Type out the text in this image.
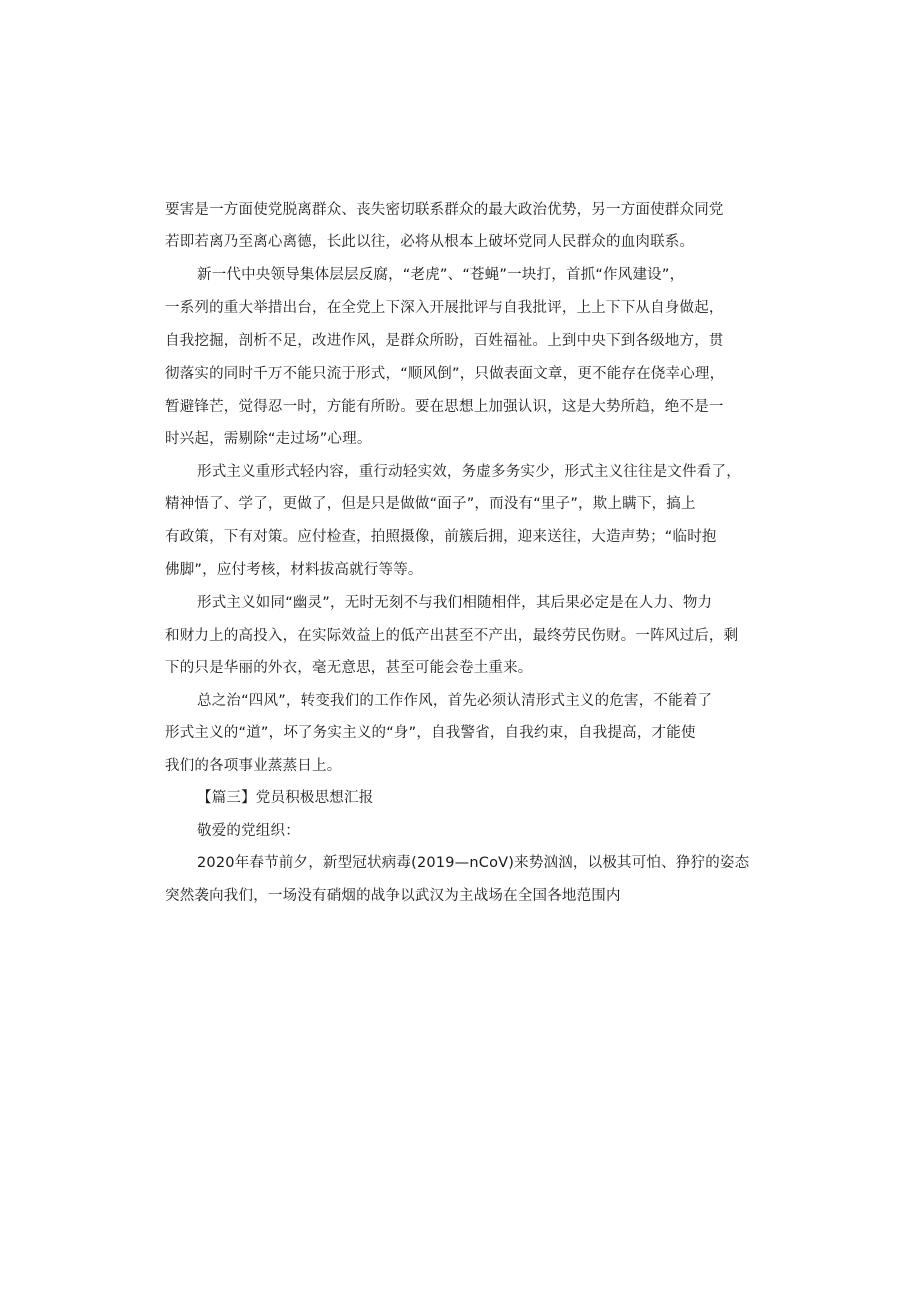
要害是一方面使党脱离群众、丧失密切联系群众的最大政治优势，另一方面使群众同党
若即若离乃至离心离德，长此以往，必将从根本上破坏党同人民群众的血肉联系。
新一代中央领导集体层层反腐，“老虎”、“苍蝇”一块打，首抓“作风建设”，
一系列的重大举措出台，在全党上下深入开展批评与自我批评，上上下下从自身做起，
自我挖掘，剖析不足，改进作风，是群众所盼，百姓福祉。上到中央下到各级地方，贯
彻落实的同时千万不能只流于形式，“顺风倒”，只做表面文章，更不能存在侥幸心理，
暂避锋芒，觉得忍一时，方能有所盼。要在思想上加强认识，这是大势所趋，绝不是一
时兴起，需剔除“走过场”心理。
形式主义重形式轻内容，重行动轻实效，务虚多务实少，形式主义往往是文件看了，
精神悟了、学了，更做了，但是只是做做“面子”，而没有“里子”，欺上瞒下，搞上
有政策，下有对策。应付检查，拍照摄像，前簇后拥，迎来送往，大造声势；“临时抱
佛脚”，应付考核，材料拔高就行等等。
形式主义如同“幽灵”，无时无刻不与我们相随相伴，其后果必定是在人力、物力
和财力上的高投入，在实际效益上的低产出甚至不产出，最终劳民伤财。一阵风过后，剩
下的只是华丽的外衣，毫无意思，甚至可能会卷土重来。
总之治“四风”，转变我们的工作作风，首先必须认清形式主义的危害，不能着了
形式主义的“道”，坏了务实主义的“身”，自我警省，自我约束，自我提高，才能使
我们的各项事业蒸蒸日上。
【篇三】党员积极思想汇报
敬爱的党组织：
2020年春节前夕，新型冠状病毒(2019—nCoV)来势汹汹，以极其可怕、狰狞的姿态
突然袭向我们，一场没有硝烟的战争以武汉为主战场在全国各地范围内
